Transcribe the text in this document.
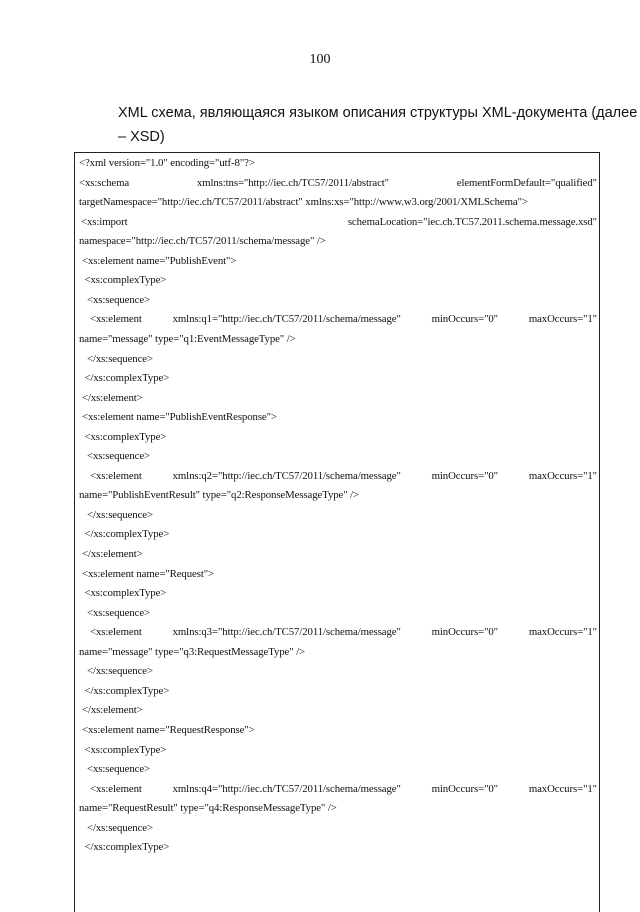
100
XML схема, являющаяся языком описания структуры XML-документа (далее
– XSD)
<?xml version="1.0" encoding="utf-8"?>
<xs:schema	xmlns:tns="http://iec.ch/TC57/2011/abstract"	elementFormDefault="qualified"
targetNamespace="http://iec.ch/TC57/2011/abstract" xmlns:xs="http://www.w3.org/2001/XMLSchema">
<xs:import	schemaLocation="iec.ch.TC57.2011.schema.message.xsd"
namespace="http://iec.ch/TC57/2011/schema/message" />
<xs:element name="PublishEvent">
<xs:complexType>
<xs:sequence>
<xs:element	xmlns:q1="http://iec.ch/TC57/2011/schema/message"	minOccurs="0"	maxOccurs="1"
name="message" type="q1:EventMessageType" />
</xs:sequence>
</xs:complexType>
</xs:element>
<xs:element name="PublishEventResponse">
<xs:complexType>
<xs:sequence>
<xs:element	xmlns:q2="http://iec.ch/TC57/2011/schema/message"	minOccurs="0"	maxOccurs="1"
name="PublishEventResult" type="q2:ResponseMessageType" />
</xs:sequence>
</xs:complexType>
</xs:element>
<xs:element name="Request">
<xs:complexType>
<xs:sequence>
<xs:element	xmlns:q3="http://iec.ch/TC57/2011/schema/message"	minOccurs="0"	maxOccurs="1"
name="message" type="q3:RequestMessageType" />
</xs:sequence>
</xs:complexType>
</xs:element>
<xs:element name="RequestResponse">
<xs:complexType>
<xs:sequence>
<xs:element	xmlns:q4="http://iec.ch/TC57/2011/schema/message"	minOccurs="0"	maxOccurs="1"
name="RequestResult" type="q4:ResponseMessageType" />
</xs:sequence>
</xs:complexType>
